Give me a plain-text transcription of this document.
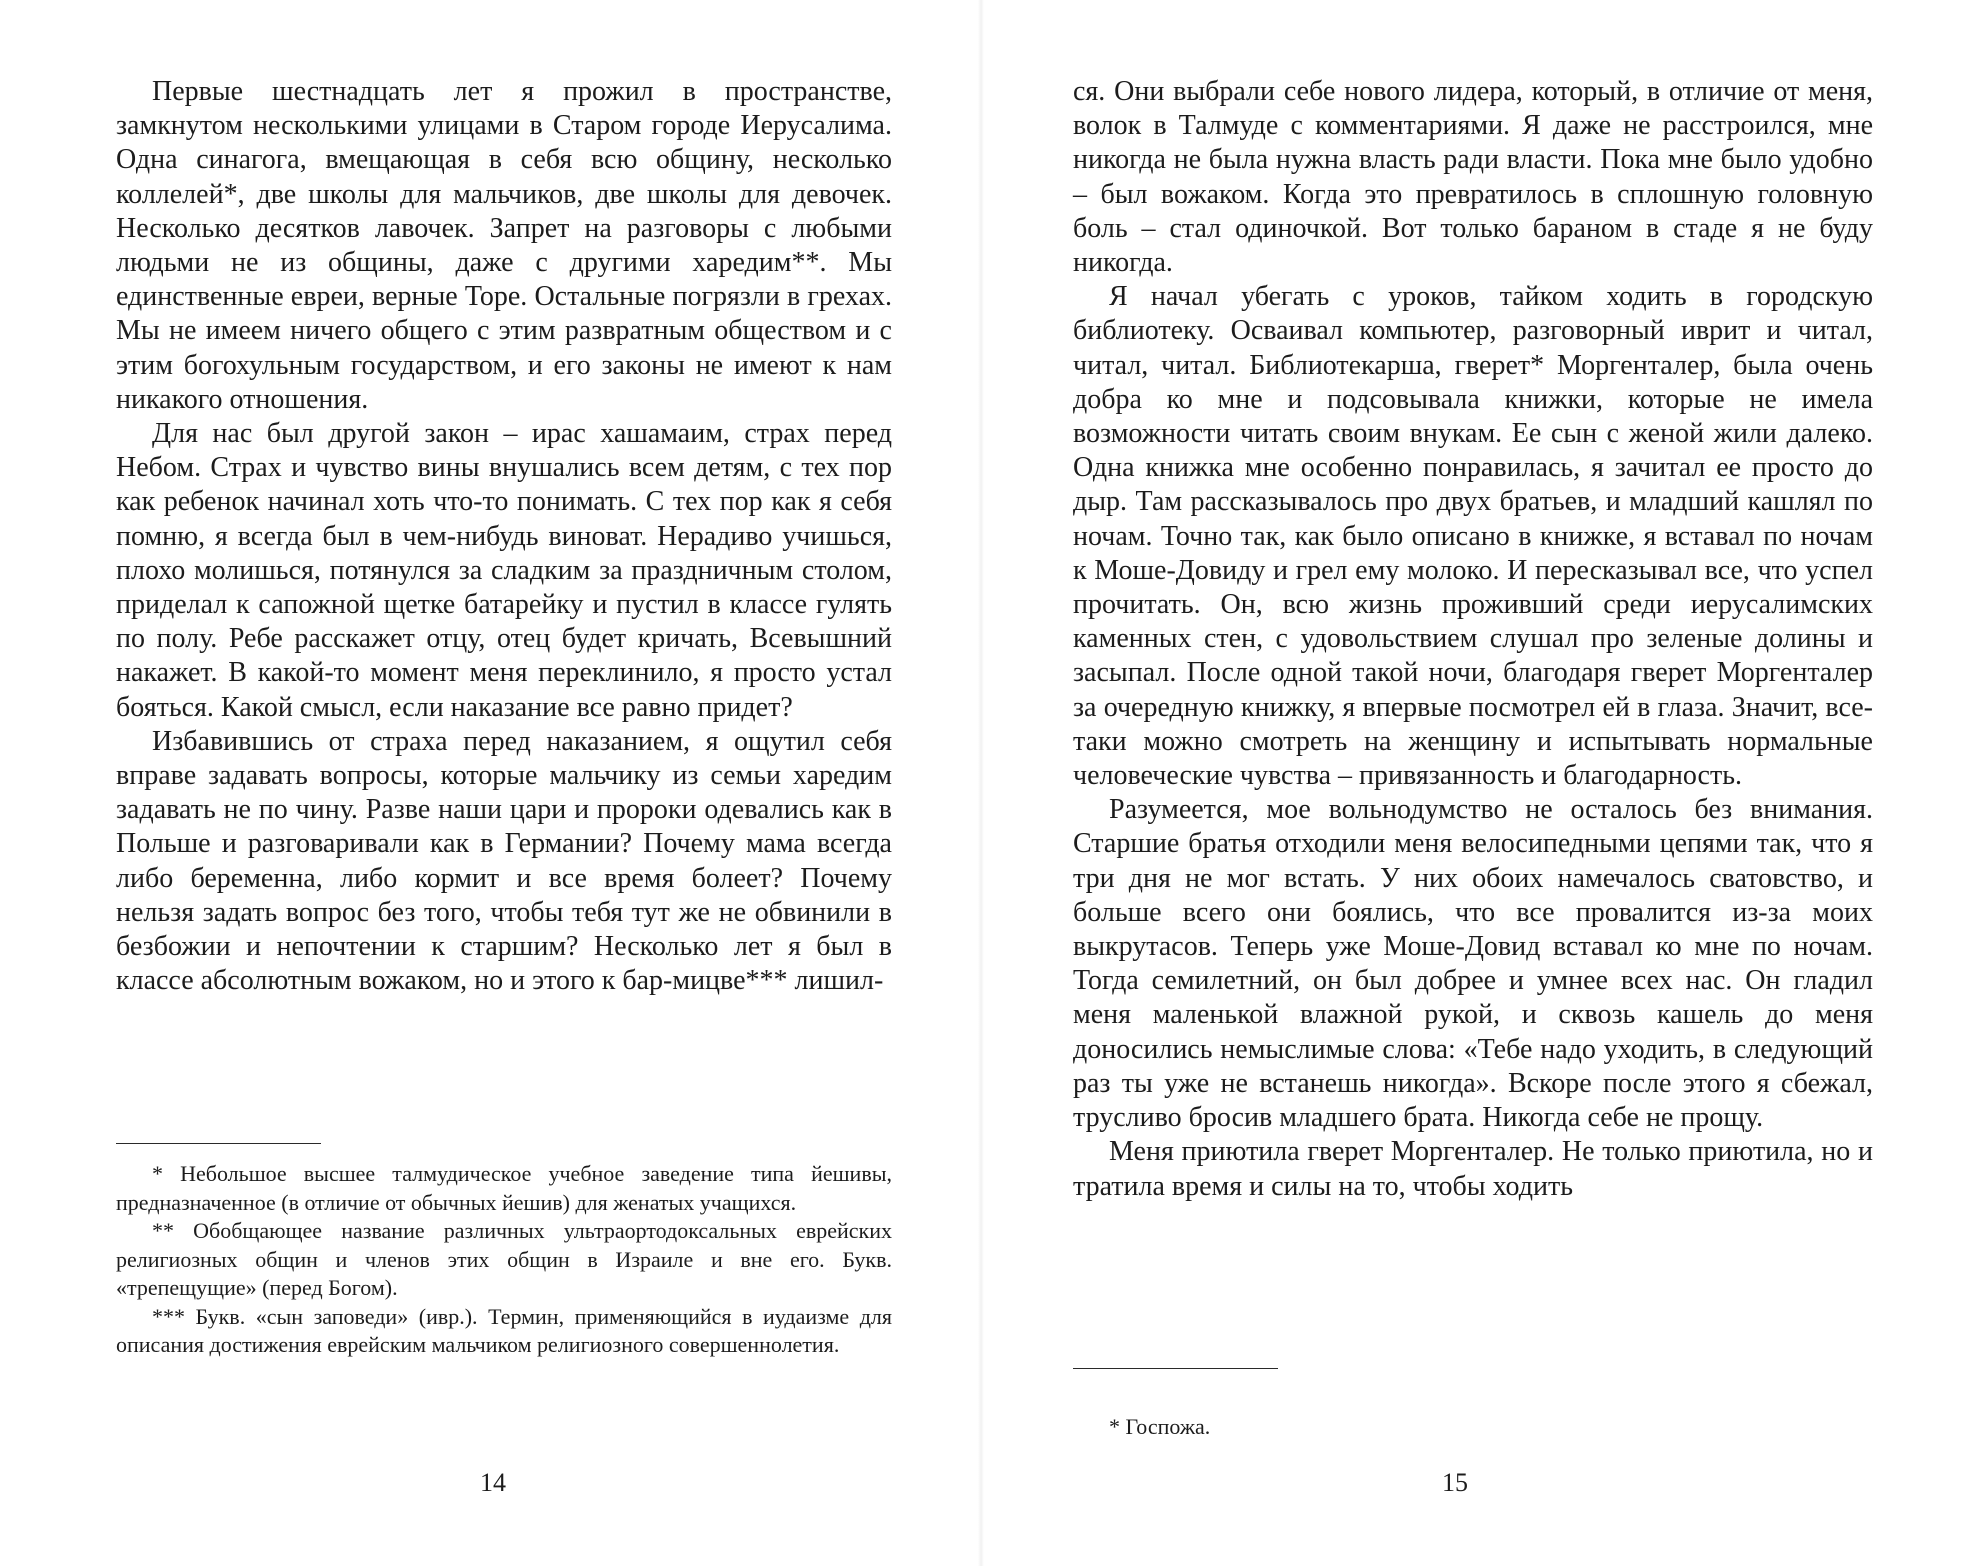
Первые шестнадцать лет я прожил в пространстве, замкнутом несколькими улицами в Старом городе Иерусалима. Одна синагога, вмещающая в себя всю общину, несколько коллелей*, две школы для мальчиков, две школы для девочек. Несколько десятков лавочек. Запрет на разговоры с любыми людьми не из общины, даже с другими харедим**. Мы единственные евреи, верные Торе. Остальные погрязли в грехах. Мы не имеем ничего общего с этим развратным обществом и с этим богохульным государством, и его законы не имеют к нам никакого отношения.

Для нас был другой закон – ирас хашамаим, страх перед Небом. Страх и чувство вины внушались всем детям, с тех пор как ребенок начинал хоть что-то понимать. С тех пор как я себя помню, я всегда был в чем-нибудь виноват. Нерадиво учишься, плохо молишься, потянулся за сладким за праздничным столом, приделал к сапожной щетке батарейку и пустил в классе гулять по полу. Ребе расскажет отцу, отец будет кричать, Всевышний накажет. В какой-то момент меня переклинило, я просто устал бояться. Какой смысл, если наказание все равно придет?

Избавившись от страха перед наказанием, я ощутил себя вправе задавать вопросы, которые мальчику из семьи харедим задавать не по чину. Разве наши цари и пророки одевались как в Польше и разговаривали как в Германии? Почему мама всегда либо беременна, либо кормит и все время болеет? Почему нельзя задать вопрос без того, чтобы тебя тут же не обвинили в безбожии и непочтении к старшим? Несколько лет я был в классе абсолютным вожаком, но и этого к бар-мицве*** лишил-

* Небольшое высшее талмудическое учебное заведение типа йешивы, предназначенное (в отличие от обычных йешив) для женатых учащихся.

** Обобщающее название различных ультраортодоксальных еврейских религиозных общин и членов этих общин в Израиле и вне его. Букв. «трепещущие» (перед Богом).

*** Букв. «сын заповеди» (ивр.). Термин, применяющийся в иудаизме для описания достижения еврейским мальчиком религиозного совершеннолетия.

14

ся. Они выбрали себе нового лидера, который, в отличие от меня, волок в Талмуде с комментариями. Я даже не расстроился, мне никогда не была нужна власть ради власти. Пока мне было удобно – был вожаком. Когда это превратилось в сплошную головную боль – стал одиночкой. Вот только бараном в стаде я не буду никогда.

Я начал убегать с уроков, тайком ходить в городскую библиотеку. Осваивал компьютер, разговорный иврит и читал, читал, читал. Библиотекарша, гверет* Моргенталер, была очень добра ко мне и подсовывала книжки, которые не имела возможности читать своим внукам. Ее сын с женой жили далеко. Одна книжка мне особенно понравилась, я зачитал ее просто до дыр. Там рассказывалось про двух братьев, и младший кашлял по ночам. Точно так, как было описано в книжке, я вставал по ночам к Моше-Довиду и грел ему молоко. И пересказывал все, что успел прочитать. Он, всю жизнь проживший среди иерусалимских каменных стен, с удовольствием слушал про зеленые долины и засыпал. После одной такой ночи, благодаря гверет Моргенталер за очередную книжку, я впервые посмотрел ей в глаза. Значит, все-таки можно смотреть на женщину и испытывать нормальные человеческие чувства – привязанность и благодарность.

Разумеется, мое вольнодумство не осталось без внимания. Старшие братья отходили меня велосипедными цепями так, что я три дня не мог встать. У них обоих намечалось сватовство, и больше всего они боялись, что все провалится из-за моих выкрутасов. Теперь уже Моше-Довид вставал ко мне по ночам. Тогда семилетний, он был добрее и умнее всех нас. Он гладил меня маленькой влажной рукой, и сквозь кашель до меня доносились немыслимые слова: «Тебе надо уходить, в следующий раз ты уже не встанешь никогда». Вскоре после этого я сбежал, трусливо бросив младшего брата. Никогда себе не прощу.

Меня приютила гверет Моргенталер. Не только приютила, но и тратила время и силы на то, чтобы ходить

* Госпожа.

15
